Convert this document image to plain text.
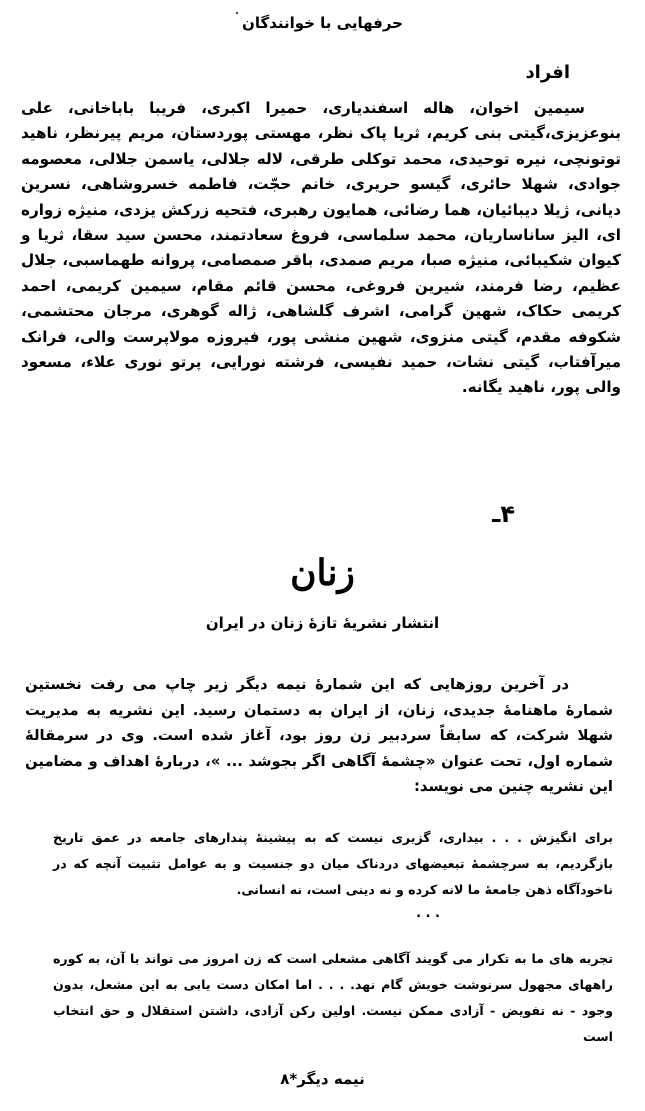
حرفهایی با خوانندگان
افراد

سیمین اخوان، هاله اسفندیاری، حمیرا اکبری، فریبا باباخانی، علی بنوعزیزی،گیتی بنی کریم، ثریا پاک نظر، مهستی پوردستان، مریم پیرنظر، ناهید توتونچی، نیره توحیدی، محمد توکلی طرقی، لاله جلالی، یاسمن جلالی، معصومه جوادی، شهلا حائری، گیسو حریری، خانم حجّت، فاطمه خسروشاهی، نسرین دیانی، ژیلا دیبائیان، هما رضائی، همایون رهبری، فتحیه زرکش یزدی، منیژه زواره ای، الیز ساناساریان، محمد سلماسی، فروغ سعادتمند، محسن سید سقا، ثریا و کیوان شکیبائی، منیژه صبا، مریم صمدی، باقر صمصامی، پروانه طهماسبی، جلال عظیم، رضا فرمند، شیرین فروغی، محسن قائم مقام، سیمین کریمی، احمد کریمی حکاک، شهین گرامی، اشرف گلشاهی، ژاله گوهری، مرجان محتشمی، شکوفه مقدم، گیتی منزوی، شهین منشی پور، فیروزه مولاپرست والی، فرانک میرآفتاب، گیتی نشات، حمید نفیسی، فرشته نورایی، پرتو نوری علاء، مسعود والی پور، ناهید یگانه.

۴ـ
زنان
انتشار نشریهٔ تازهٔ زنان در ایران

در آخرین روزهایی که این شمارهٔ نیمه دیگر زیر چاپ می رفت نخستین شمارهٔ ماهنامهٔ جدیدی، زنان، از ایران به دستمان رسید. این نشریه به مدیریت شهلا شرکت، که سابقاً سردبیر زن روز بود، آغاز شده است. وی در سرمقالهٔ شماره اول، تحت عنوان «چشمهٔ آگاهی اگر بجوشد ... »، دربارهٔ اهداف و مضامین این نشریه چنین می نویسد:

برای انگیزش . . . بیداری، گزیری نیست که به پیشینهٔ پندارهای جامعه در عمق تاریخ بازگردیم، به سرچشمهٔ تبعیضهای دردناک میان دو جنسیت و به عوامل تثبیت آنچه که در ناخودآگاه ذهن جامعهٔ ما لانه کرده و نه دینی است، نه انسانی.

. . .

تجربه های ما به تکرار می گویند آگاهی مشعلی است که زن امروز می تواند با آن، به کوره راههای مجهول سرنوشت خویش گام نهد. . . . اما امکان دست یابی به این مشعل، بدون وجود - نه تفویض - آزادی ممکن نیست. اولین رکن آزادی، داشتن استقلال و حق انتخاب است

نیمه دیگر*۸
